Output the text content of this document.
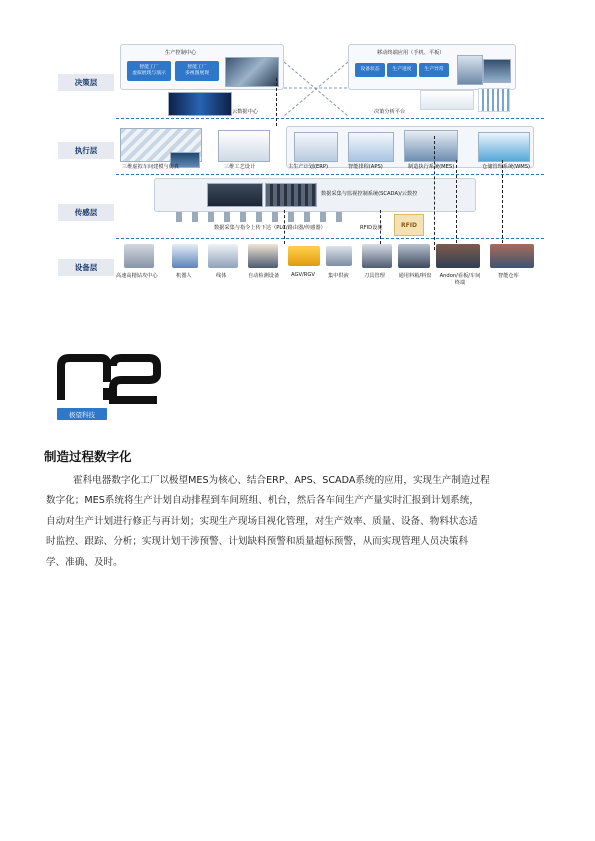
决策层
执行层
传感层
设备层
生产控制中心
智能工厂
虚拟展现与演示
智能工厂
多视图展现
移动终端应用（手机、平板）
设备状态	生产进度	生产异常
云数据中心	决策分析平台
三维虚拟车间建模与仿真	三维工艺设计	主生产计划(ERP)	智能排程(APS)	制造执行系统(MES)	仓储管理系统(WMS)
数据采集与监视控制系统(SCADA)/云数控
数据采集与指令上传下达（PLC/路由器/传感器）	RFID
RFID设施
高速高精钻攻中心	机器人	线体	自动检测设备 AGV/RGV	集中供液	刀具管理	通用料箱/料盘	Andon/看板/车间终端
智能仓库
极望科技
制造过程数字化
霍科电器数字化工厂以极望MES为核心、结合ERP、APS、SCADA系统的应用，实现生产制造过程
数字化；MES系统将生产计划自动排程到车间班组、机台，然后各车间生产产量实时汇报到计划系统，
自动对生产计划进行修正与再计划；实现生产现场目视化管理，对生产效率、质量、设备、物料状态适
时监控、跟踪、分析；实现计划干涉预警、计划缺料预警和质量超标预警，从而实现管理人员决策科
学、准确、及时。
